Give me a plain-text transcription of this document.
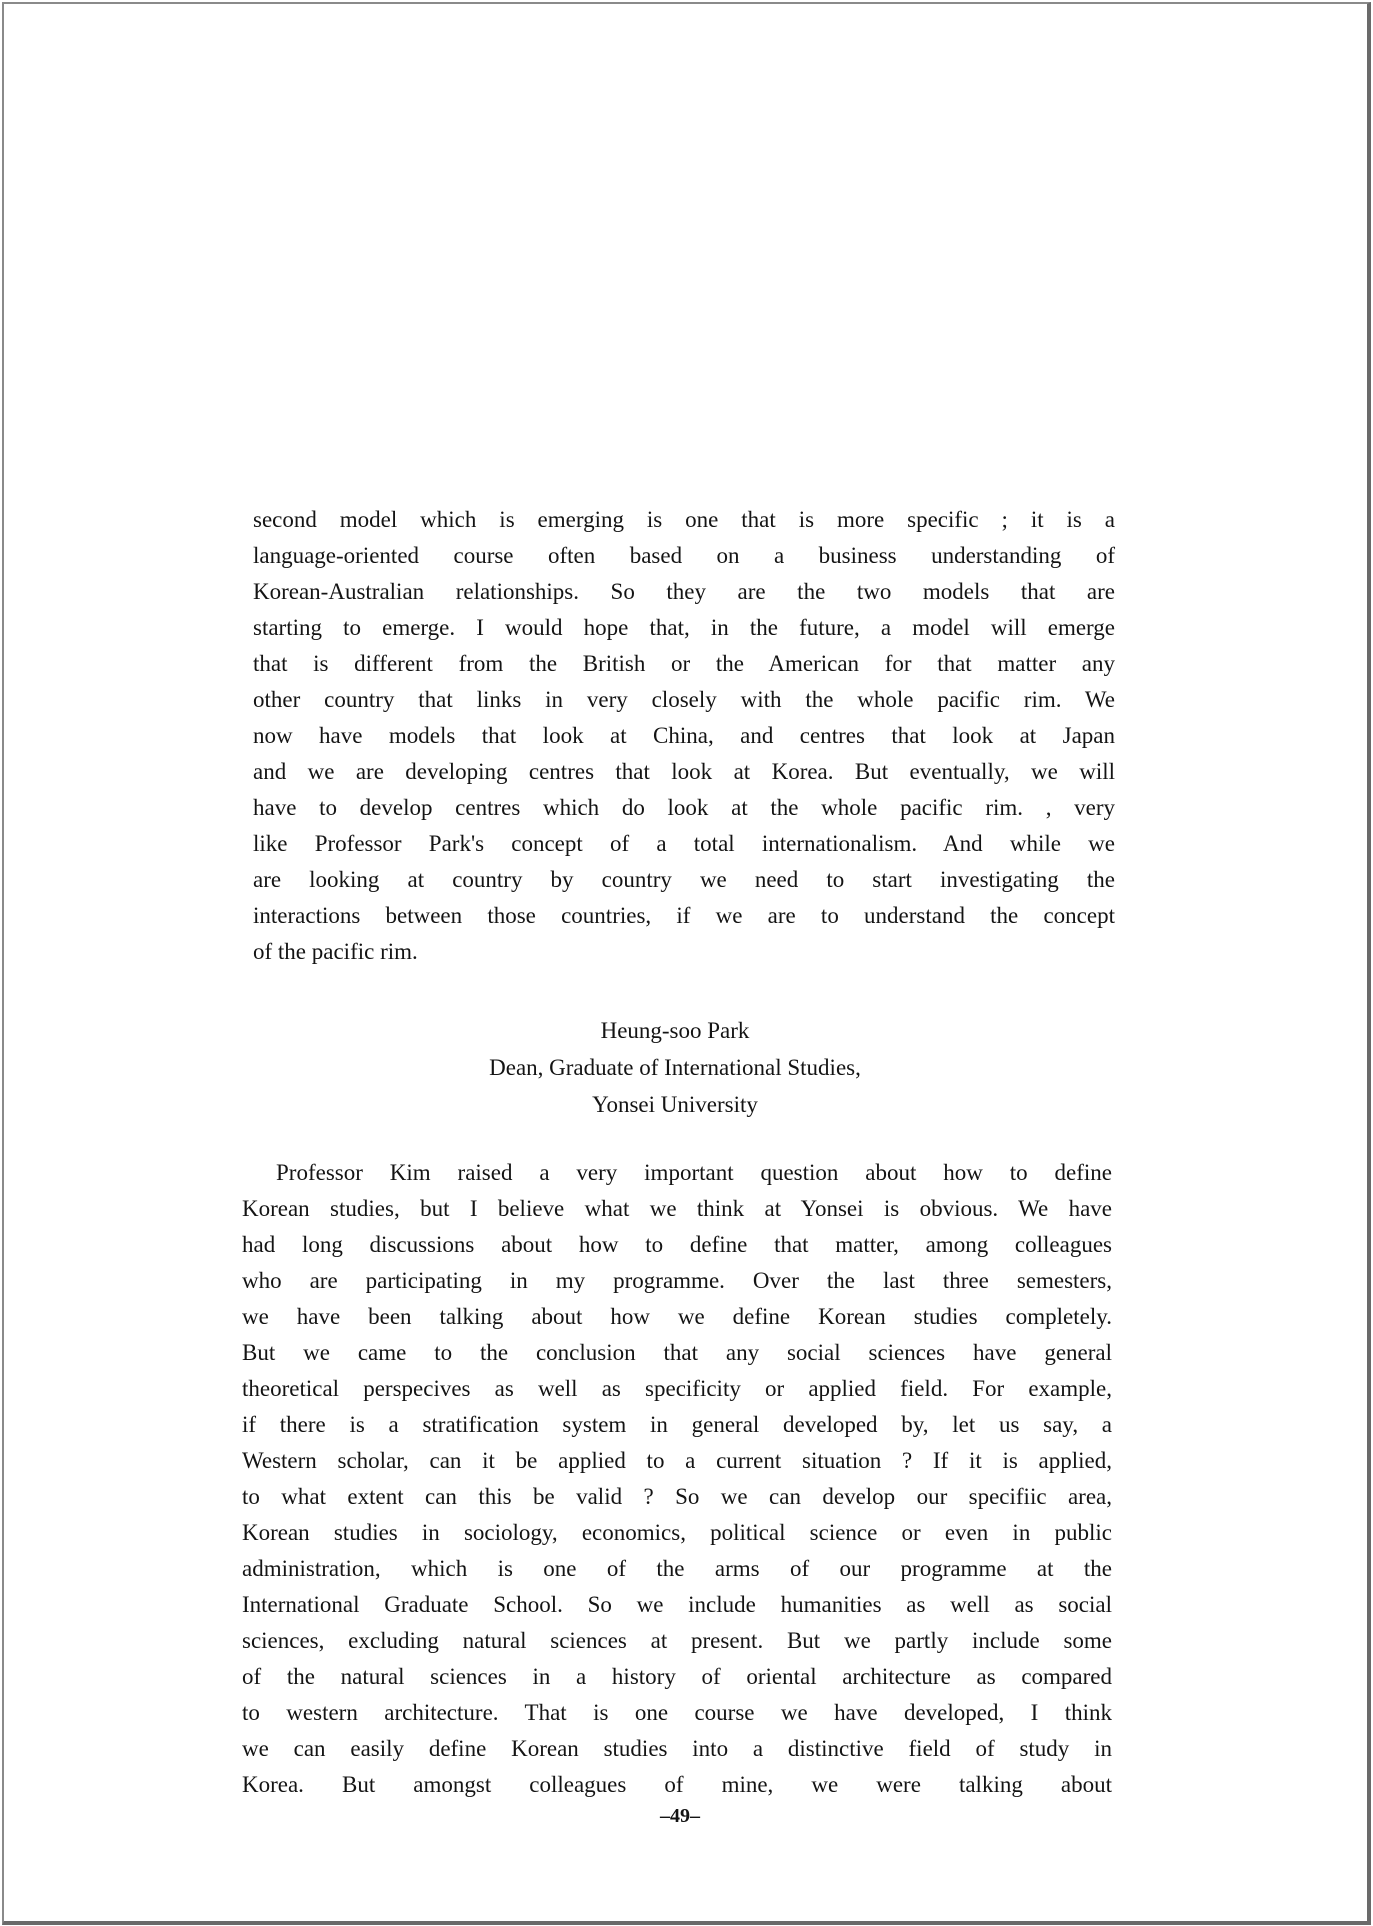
second model which is emerging is one that is more specific ; it is a
language-oriented course often based on a business understanding of
Korean-Australian relationships. So they are the two models that are
starting to emerge. I would hope that, in the future, a model will emerge
that is different from the British or the American for that matter any
other country that links in very closely with the whole pacific rim. We
now have models that look at China, and centres that look at Japan
and we are developing centres that look at Korea. But eventually, we will
have to develop centres which do look at the whole pacific rim. , very
like Professor Park's concept of a total internationalism. And while we
are looking at country by country we need to start investigating the
interactions between those countries, if we are to understand the concept
of the pacific rim.
Heung-soo Park
Dean, Graduate of International Studies,
Yonsei University
Professor Kim raised a very important question about how to define
Korean studies, but I believe what we think at Yonsei is obvious. We have
had long discussions about how to define that matter, among colleagues
who are participating in my programme. Over the last three semesters,
we have been talking about how we define Korean studies completely.
But we came to the conclusion that any social sciences have general
theoretical perspecives as well as specificity or applied field. For example,
if there is a stratification system in general developed by, let us say, a
Western scholar, can it be applied to a current situation ? If it is applied,
to what extent can this be valid ? So we can develop our specifiic area,
Korean studies in sociology, economics, political science or even in public
administration, which is one of the arms of our programme at the
International Graduate School. So we include humanities as well as social
sciences, excluding natural sciences at present. But we partly include some
of the natural sciences in a history of oriental architecture as compared
to western architecture. That is one course we have developed, I think
we can easily define Korean studies into a distinctive field of study in
Korea. But amongst colleagues of mine, we were talking about
–49–
